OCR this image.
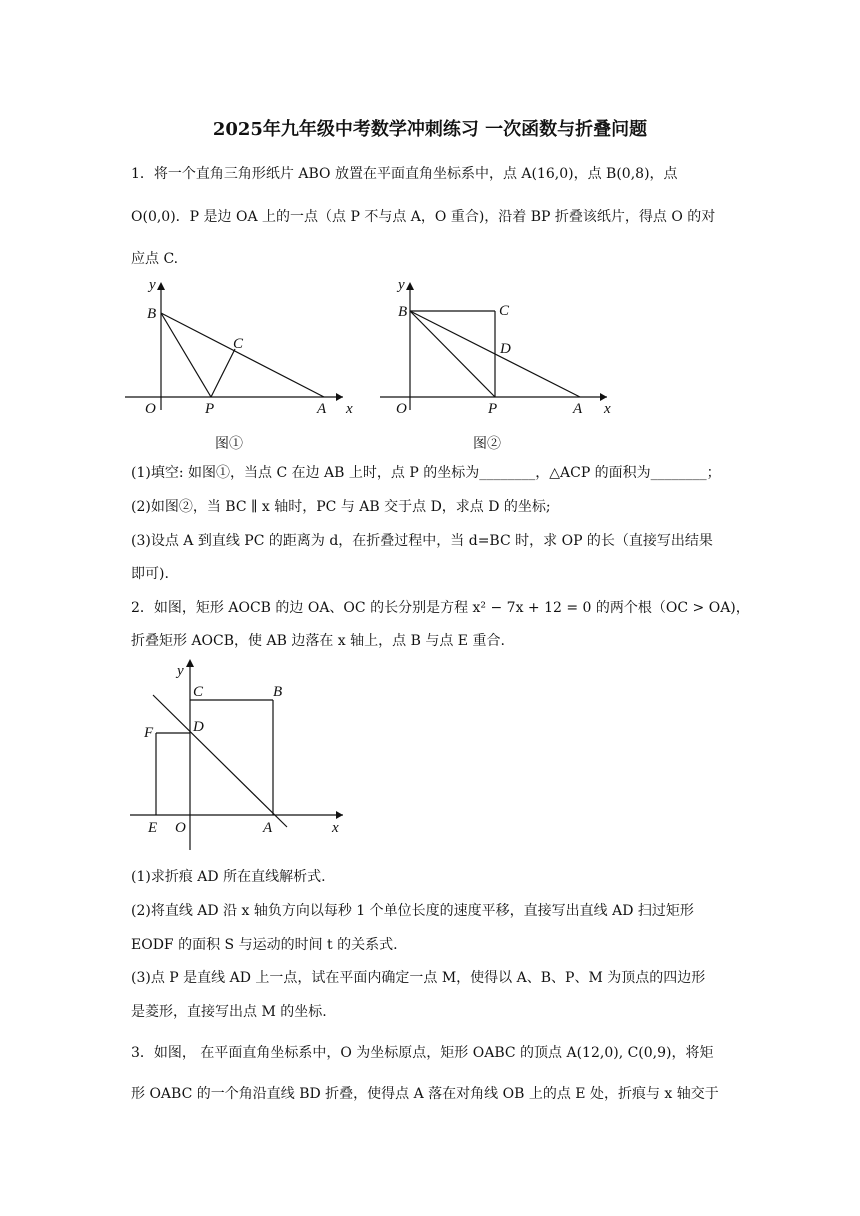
2025年九年级中考数学冲刺练习 一次函数与折叠问题
1．将一个直角三角形纸片 ABO 放置在平面直角坐标系中，点 A(16,0)，点 B(0,8)，点
O(0,0)．P 是边 OA 上的一点（点 P 不与点 A，O 重合)，沿着 BP 折叠该纸片，得点 O 的对
应点 C.
y
x
B
C
O	P	A
图①
B
y
C
D
O	P	A x
图②
(1)填空: 如图①，当点 C 在边 AB 上时，点 P 的坐标为________，△ACP 的面积为________；
(2)如图②，当 BC ∥ x 轴时，PC 与 AB 交于点 D，求点 D 的坐标;
(3)设点 A 到直线 PC 的距离为 d，在折叠过程中，当 d=BC 时，求 OP 的长（直接写出结果
即可).
2．如图，矩形 AOCB 的边 OA、OC 的长分别是方程 x² − 7x + 12 = 0 的两个根（OC > OA)，
折叠矩形 AOCB，使 AB 边落在 x 轴上，点 B 与点 E 重合.
y
C	B
D
F
E O	A	x
(1)求折痕 AD 所在直线解析式.
(2)将直线 AD 沿 x 轴负方向以每秒 1 个单位长度的速度平移，直接写出直线 AD 扫过矩形
EODF 的面积 S 与运动的时间 t 的关系式.
(3)点 P 是直线 AD 上一点，试在平面内确定一点 M，使得以 A、B、P、M 为顶点的四边形
是菱形，直接写出点 M 的坐标.
3．如图， 在平面直角坐标系中，O 为坐标原点，矩形 OABC 的顶点 A(12,0), C(0,9)，将矩
形 OABC 的一个角沿直线 BD 折叠，使得点 A 落在对角线 OB 上的点 E 处，折痕与 x 轴交于
